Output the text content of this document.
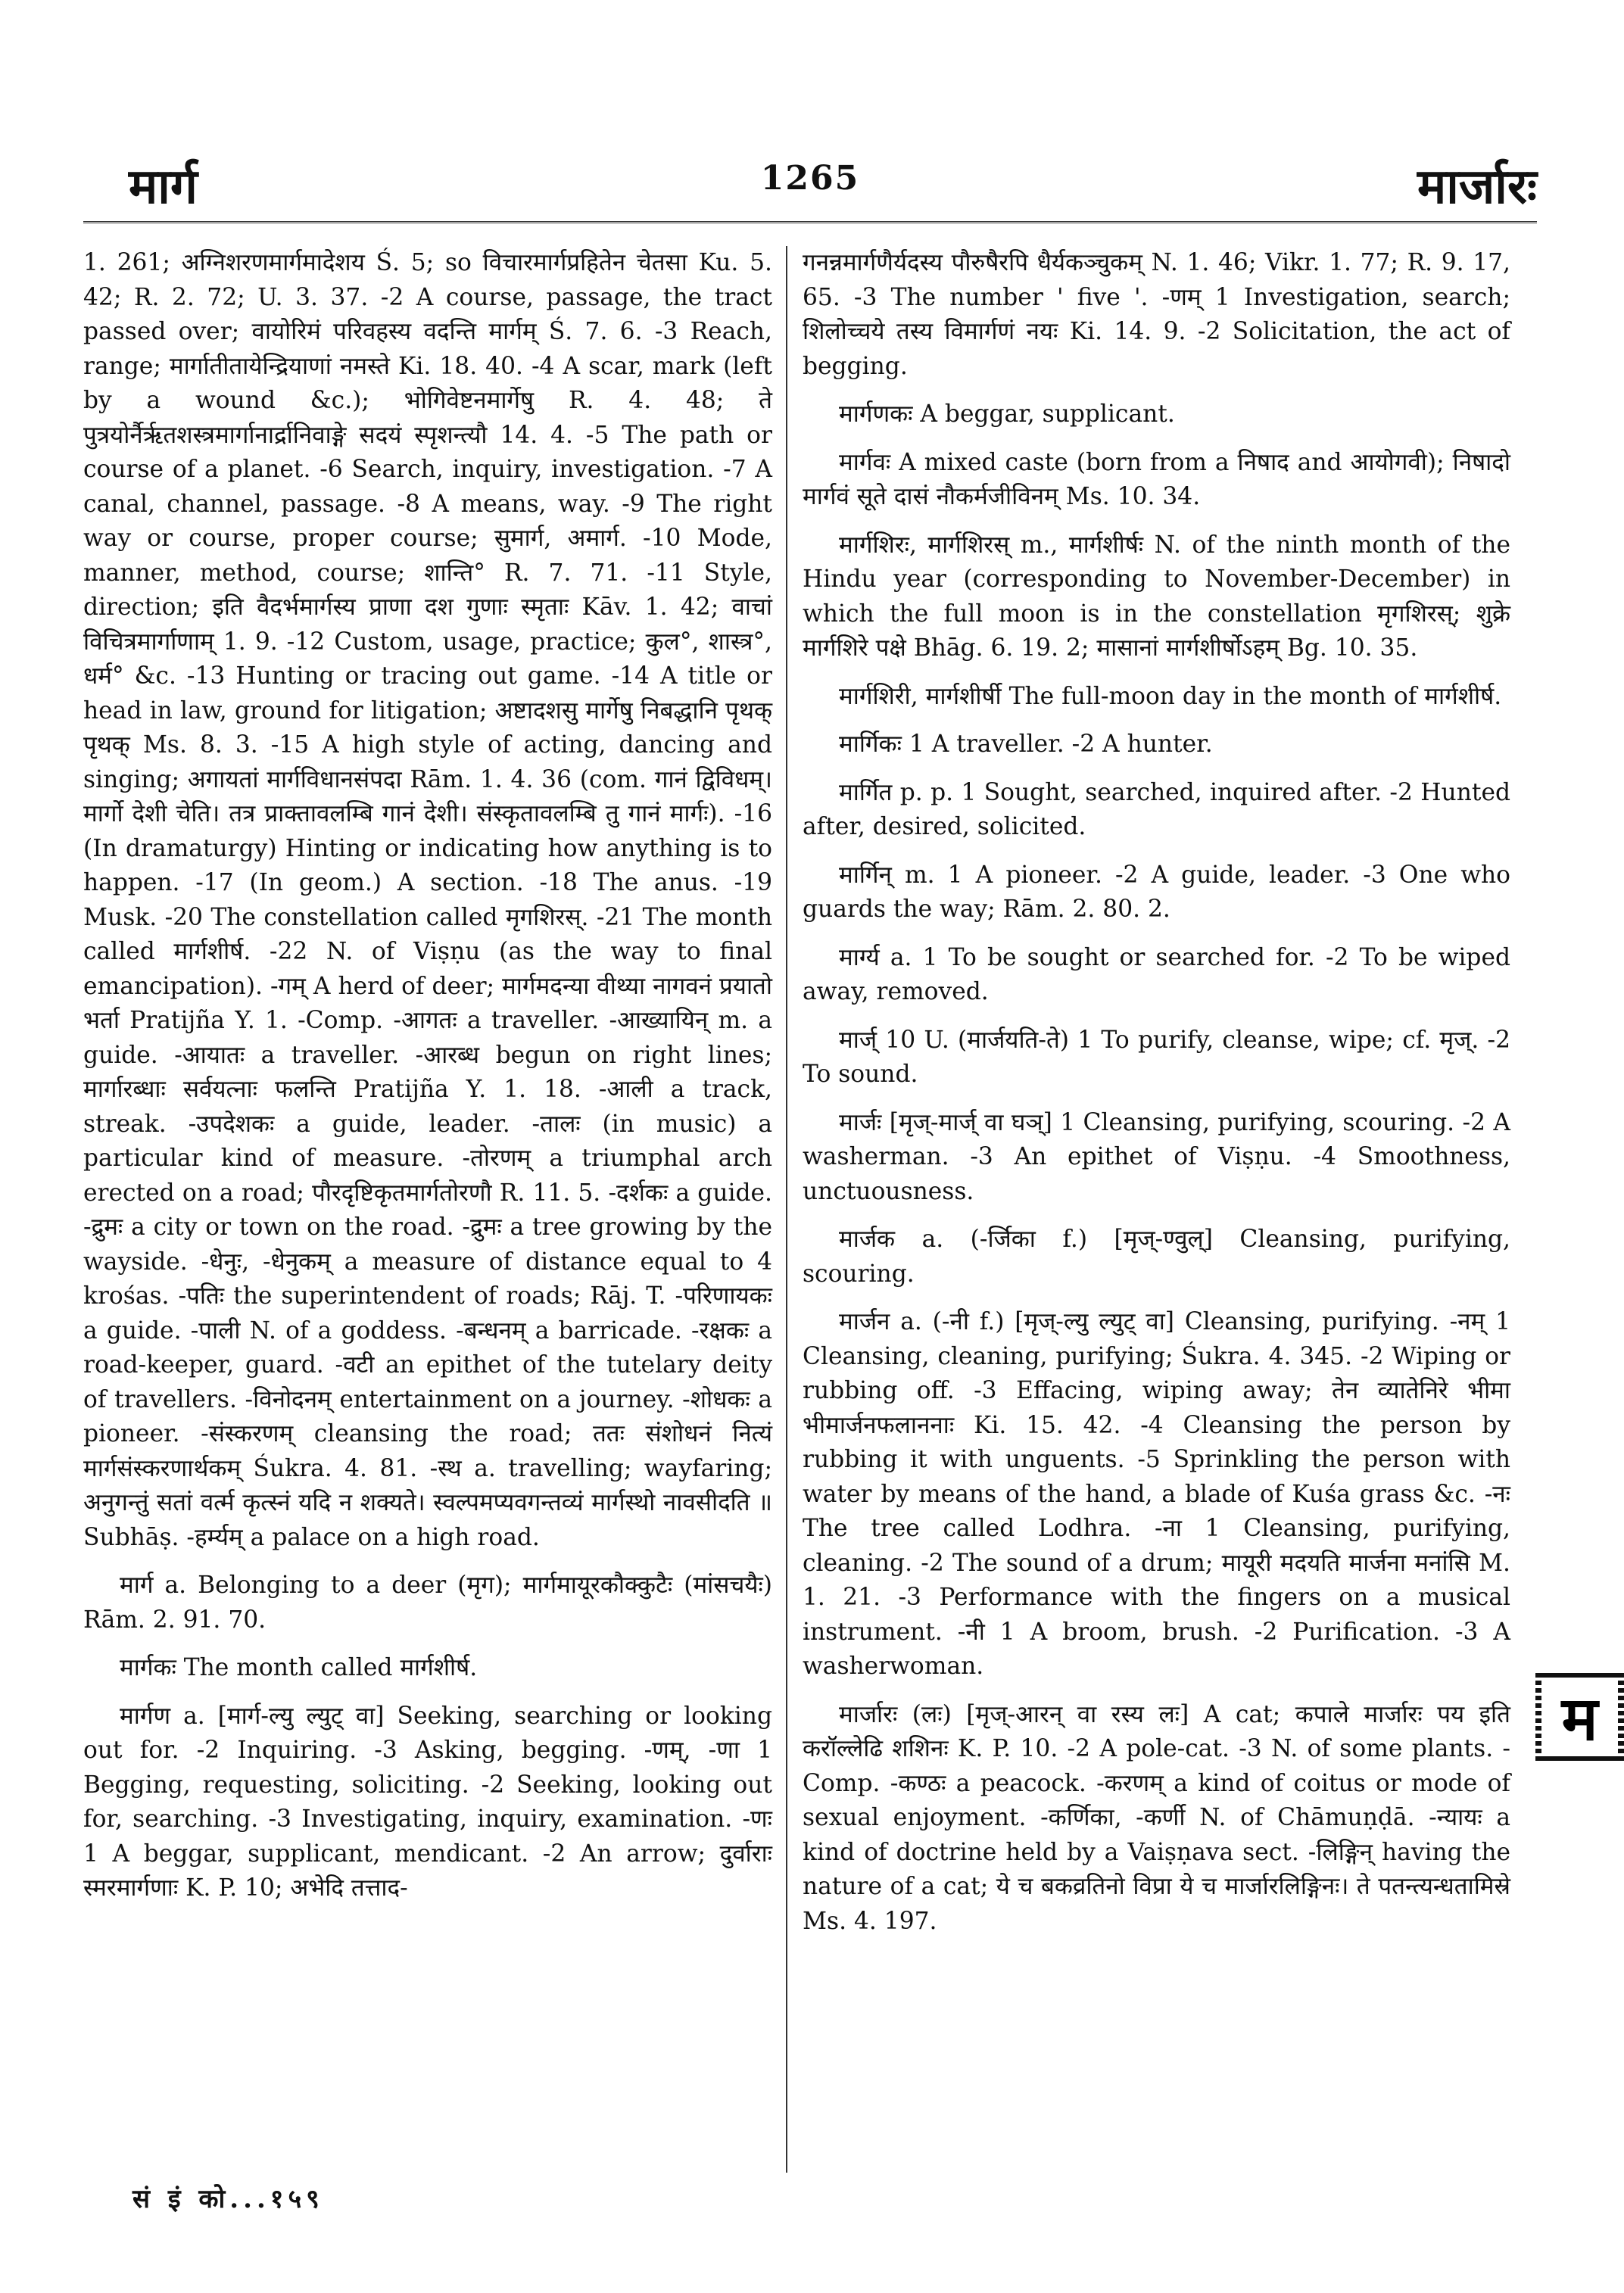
मार्ग	1265	मार्जारः

1. 261; अग्निशरणमार्गमादेशय Ś. 5; so विचारमार्गप्रहितेन चेतसा Ku. 5. 42; R. 2. 72; U. 3. 37. -2 A course, passage, the tract passed over; वायोरिमं परिवहस्य वदन्ति मार्गम् Ś. 7. 6. -3 Reach, range; मार्गातीतायेन्द्रियाणां नमस्ते Ki. 18. 40. -4 A scar, mark (left by a wound &c.); भोगिवेष्टनमार्गेषु R. 4. 48; ते पुत्रयोर्नैर्ऋतशस्त्रमार्गानार्द्रानिवाङ्गे सदयं स्पृशन्त्यौ 14. 4. -5 The path or course of a planet. -6 Search, inquiry, investigation. -7 A canal, channel, passage. -8 A means, way. -9 The right way or course, proper course; सुमार्ग, अमार्ग. -10 Mode, manner, method, course; शान्ति° R. 7. 71. -11 Style, direction; इति वैदर्भमार्गस्य प्राणा दश गुणाः स्मृताः Kāv. 1. 42; वाचां विचित्रमार्गाणाम् 1. 9. -12 Custom, usage, practice; कुल°, शास्त्र°, धर्म° &c. -13 Hunting or tracing out game. -14 A title or head in law, ground for litigation; अष्टादशसु मार्गेषु निबद्धानि पृथक् पृथक् Ms. 8. 3. -15 A high style of acting, dancing and singing; अगायतां मार्गविधानसंपदा Rām. 1. 4. 36 (com. गानं द्विविधम्। मार्गो देशी चेति। तत्र प्राक्तावलम्बि गानं देशी। संस्कृतावलम्बि तु गानं मार्गः). -16 (In dramaturgy) Hinting or indicating how anything is to happen. -17 (In geom.) A section. -18 The anus. -19 Musk. -20 The constellation called मृगशिरस्. -21 The month called मार्गशीर्ष. -22 N. of Viṣṇu (as the way to final emancipation). -गम् A herd of deer; मार्गमदन्या वीथ्या नागवनं प्रयातो भर्ता Pratijña Y. 1. -Comp. -आगतः a traveller. -आख्यायिन् m. a guide. -आयातः a traveller. -आरब्ध begun on right lines; मार्गारब्धाः सर्वयत्नाः फलन्ति Pratijña Y. 1. 18. -आली a track, streak. -उपदेशकः a guide, leader. -तालः (in music) a particular kind of measure. -तोरणम् a triumphal arch erected on a road; पौरदृष्टिकृतमार्गतोरणौ R. 11. 5. -दर्शकः a guide. -द्रुमः a city or town on the road. -द्रुमः a tree growing by the wayside. -धेनुः, -धेनुकम् a measure of distance equal to 4 krośas. -पतिः the superintendent of roads; Rāj. T. -परिणायकः a guide. -पाली N. of a goddess. -बन्धनम् a barricade. -रक्षकः a road-keeper, guard. -वटी an epithet of the tutelary deity of travellers. -विनोदनम् entertainment on a journey. -शोधकः a pioneer. -संस्करणम् cleansing the road; ततः संशोधनं नित्यं मार्गसंस्करणार्थकम् Śukra. 4. 81. -स्थ a. travelling; wayfaring; अनुगन्तुं सतां वर्त्म कृत्स्नं यदि न शक्यते। स्वल्पमप्यवगन्तव्यं मार्गस्थो नावसीदति ॥ Subhāṣ. -हर्म्यम् a palace on a high road.

मार्ग a. Belonging to a deer (मृग); मार्गमायूरकौक्कुटैः (मांसचयैः) Rām. 2. 91. 70.

मार्गकः The month called मार्गशीर्ष.

मार्गण a. [मार्ग-ल्यु ल्युट् वा] Seeking, searching or looking out for. -2 Inquiring. -3 Asking, begging. -णम्, -णा 1 Begging, requesting, soliciting. -2 Seeking, looking out for, searching. -3 Investigating, inquiry, examination. -णः 1 A beggar, supplicant, mendicant. -2 An arrow; दुर्वाराः स्मरमार्गणाः K. P. 10; अभेदि तत्ताद-

गनन्नमार्गणैर्यदस्य पौरुषैरपि धैर्यकञ्चुकम् N. 1. 46; Vikr. 1. 77; R. 9. 17, 65. -3 The number ' five '. -णम् 1 Investigation, search; शिलोच्चये तस्य विमार्गणं नयः Ki. 14. 9. -2 Solicitation, the act of begging.

मार्गणकः A beggar, supplicant.

मार्गवः A mixed caste (born from a निषाद and आयोगवी); निषादो मार्गवं सूते दासं नौकर्मजीविनम् Ms. 10. 34.

मार्गशिरः, मार्गशिरस् m., मार्गशीर्षः N. of the ninth month of the Hindu year (corresponding to November-December) in which the full moon is in the constellation मृगशिरस्; शुक्रे मार्गशिरे पक्षे Bhāg. 6. 19. 2; मासानां मार्गशीर्षोऽहम् Bg. 10. 35.

मार्गशिरी, मार्गशीर्षी The full-moon day in the month of मार्गशीर्ष.

मार्गिकः 1 A traveller. -2 A hunter.

मार्गित p. p. 1 Sought, searched, inquired after. -2 Hunted after, desired, solicited.

मार्गिन् m. 1 A pioneer. -2 A guide, leader. -3 One who guards the way; Rām. 2. 80. 2.

मार्ग्य a. 1 To be sought or searched for. -2 To be wiped away, removed.

मार्ज् 10 U. (मार्जयति-ते) 1 To purify, cleanse, wipe; cf. मृज्. -2 To sound.

मार्जः [मृज्-मार्ज् वा घञ्] 1 Cleansing, purifying, scouring. -2 A washerman. -3 An epithet of Viṣṇu. -4 Smoothness, unctuousness.

मार्जक a. (-र्जिका f.) [मृज्-ण्वुल्] Cleansing, purifying, scouring.

मार्जन a. (-नी f.) [मृज्-ल्यु ल्युट् वा] Cleansing, purifying. -नम् 1 Cleansing, cleaning, purifying; Śukra. 4. 345. -2 Wiping or rubbing off. -3 Effacing, wiping away; तेन व्यातेनिरे भीमा भीमार्जनफलाननाः Ki. 15. 42. -4 Cleansing the person by rubbing it with unguents. -5 Sprinkling the person with water by means of the hand, a blade of Kuśa grass &c. -नः The tree called Lodhra. -ना 1 Cleansing, purifying, cleaning. -2 The sound of a drum; मायूरी मदयति मार्जना मनांसि M. 1. 21. -3 Performance with the fingers on a musical instrument. -नी 1 A broom, brush. -2 Purification. -3 A washerwoman.

मार्जारः (लः) [मृज्-आरन् वा रस्य लः] A cat; कपाले मार्जारः पय इति करॉल्लेढि शशिनः K. P. 10. -2 A pole-cat. -3 N. of some plants. -Comp. -कण्ठः a peacock. -करणम् a kind of coitus or mode of sexual enjoyment. -कर्णिका, -कर्णी N. of Chāmuṇḍā. -न्यायः a kind of doctrine held by a Vaiṣṇava sect. -लिङ्गिन् having the nature of a cat; ये च बकव्रतिनो विप्रा ये च मार्जारलिङ्गिनः। ते पतन्त्यन्धतामिस्रे Ms. 4. 197.

सं इं को...१५९
म
